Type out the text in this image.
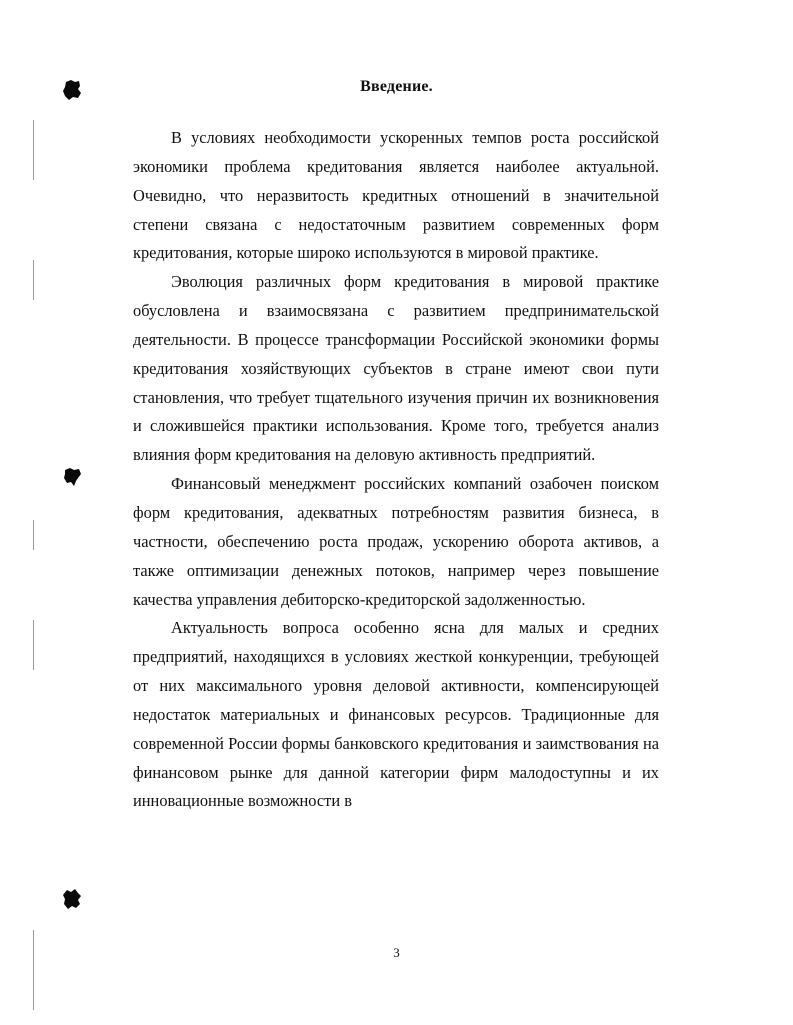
Введение.

В условиях необходимости ускоренных темпов роста российской экономики проблема кредитования является наиболее актуальной. Очевидно, что неразвитость кредитных отношений в значительной степени связана с недостаточным развитием современных форм кредитования, которые широко используются в мировой практике.

Эволюция различных форм кредитования в мировой практике обусловлена и взаимосвязана с развитием предпринимательской деятельности. В процессе трансформации Российской экономики формы кредитования хозяйствующих субъектов в стране имеют свои пути становления, что требует тщательного изучения причин их возникновения и сложившейся практики использования. Кроме того, требуется анализ влияния форм кредитования на деловую активность предприятий.

Финансовый менеджмент российских компаний озабочен поиском форм кредитования, адекватных потребностям развития бизнеса, в частности, обеспечению роста продаж, ускорению оборота активов, а также оптимизации денежных потоков, например через повышение качества управления дебиторско-кредиторской задолженностью.

Актуальность вопроса особенно ясна для малых и средних предприятий, находящихся в условиях жесткой конкуренции, требующей от них максимального уровня деловой активности, компенсирующей недостаток материальных и финансовых ресурсов. Традиционные для современной России формы банковского кредитования и заимствования на финансовом рынке для данной категории фирм малодоступны и их инновационные возможности в

3
